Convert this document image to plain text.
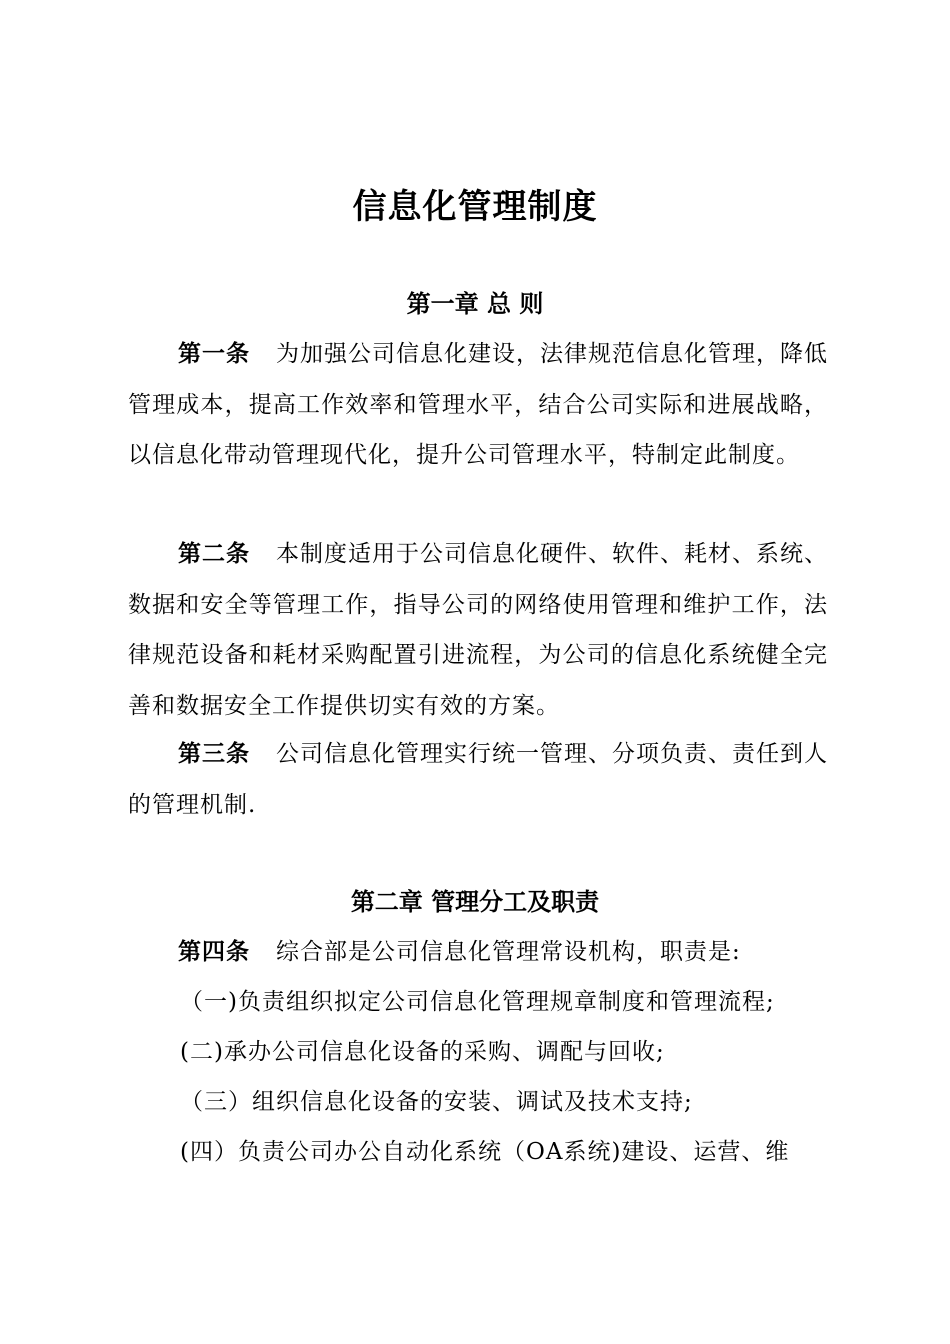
信息化管理制度
第一章 总 则

第一条 为加强公司信息化建设，法律规范信息化管理，降低管理成本，提高工作效率和管理水平，结合公司实际和进展战略，以信息化带动管理现代化，提升公司管理水平，特制定此制度。

第二条 本制度适用于公司信息化硬件、软件、耗材、系统、数据和安全等管理工作，指导公司的网络使用管理和维护工作，法律规范设备和耗材采购配置引进流程，为公司的信息化系统健全完善和数据安全工作提供切实有效的方案。

第三条 公司信息化管理实行统一管理、分项负责、责任到人的管理机制.

第二章 管理分工及职责

第四条 综合部是公司信息化管理常设机构，职责是:

（一)负责组织拟定公司信息化管理规章制度和管理流程;

(二)承办公司信息化设备的采购、调配与回收;

（三）组织信息化设备的安装、调试及技术支持;

(四）负责公司办公自动化系统（OA系统)建设、运营、维
